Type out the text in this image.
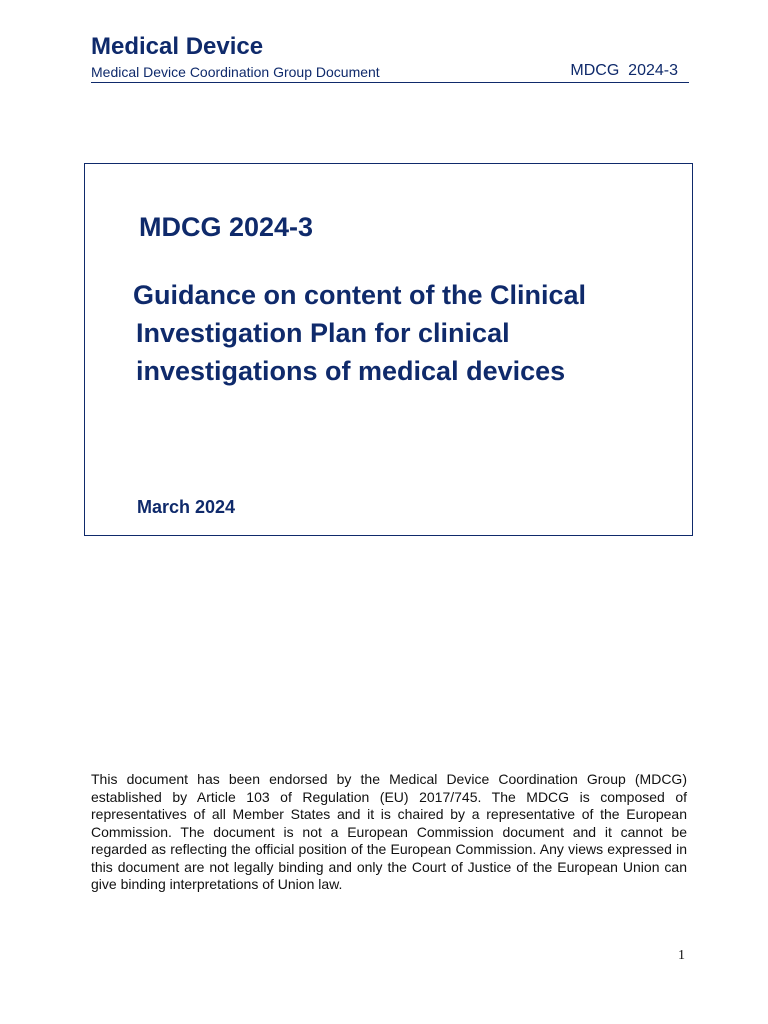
Medical Device
Medical Device Coordination Group Document	MDCG  2024-3
MDCG 2024-3
Guidance on content of the Clinical
Investigation Plan for clinical
investigations of medical devices
March 2024
This document has been endorsed by the Medical Device Coordination Group (MDCG) established by Article 103 of Regulation (EU) 2017/745. The MDCG is composed of representatives of all Member States and it is chaired by a representative of the European Commission. The document is not a European Commission document and it cannot be regarded as reflecting the official position of the European Commission. Any views expressed in this document are not legally binding and only the Court of Justice of the European Union can give binding interpretations of Union law.
1
